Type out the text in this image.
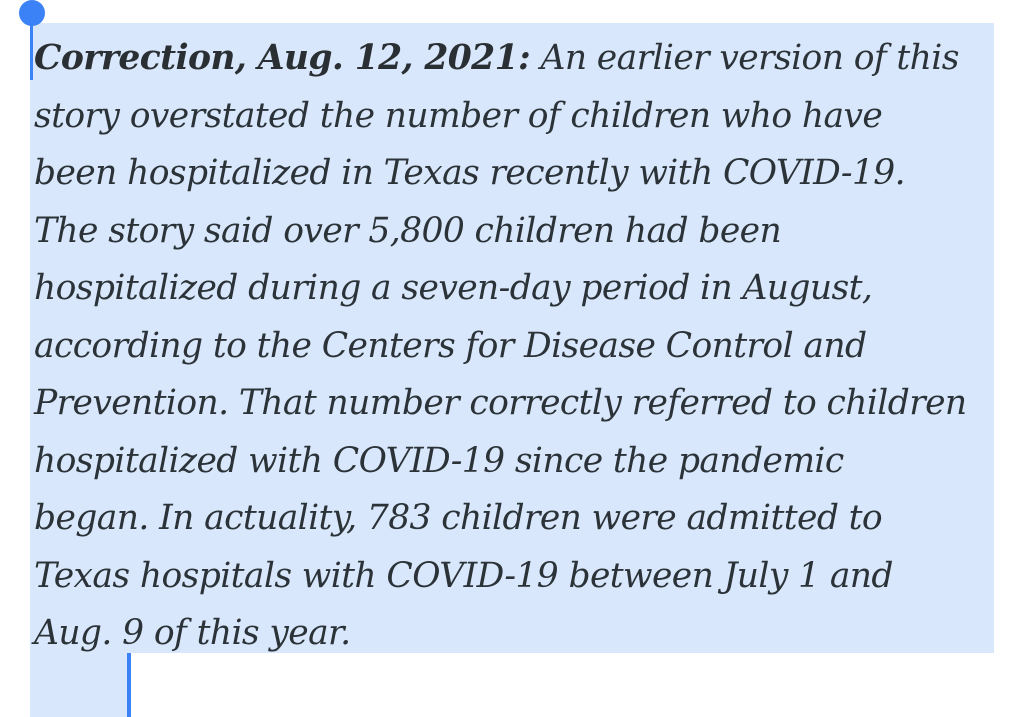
Correction, Aug. 12, 2021: An earlier version of this
story overstated the number of children who have
been hospitalized in Texas recently with COVID-19.
The story said over 5,800 children had been
hospitalized during a seven-day period in August,
according to the Centers for Disease Control and
Prevention. That number correctly referred to children
hospitalized with COVID-19 since the pandemic
began. In actuality, 783 children were admitted to
Texas hospitals with COVID-19 between July 1 and
Aug. 9 of this year.
